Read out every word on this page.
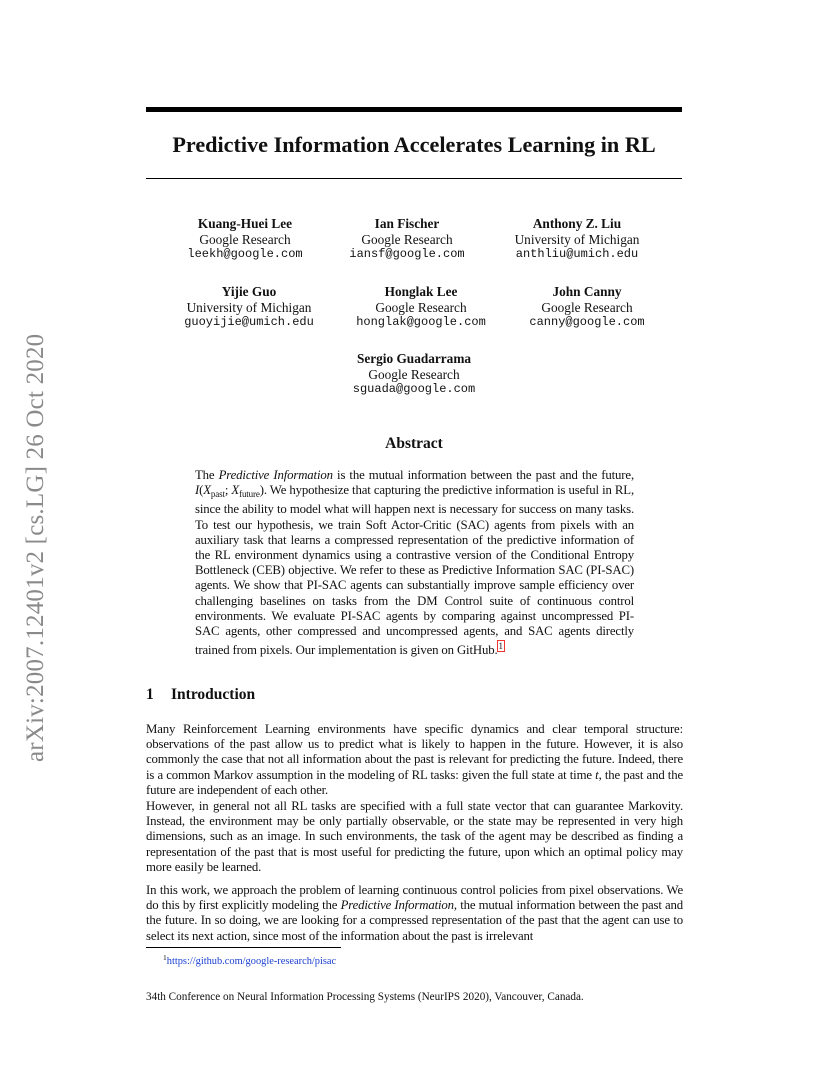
arXiv:2007.12401v2 [cs.LG] 26 Oct 2020
Predictive Information Accelerates Learning in RL
Kuang-Huei Lee
Google Research
leekh@google.com
Ian Fischer
Google Research
iansf@google.com
Anthony Z. Liu
University of Michigan
anthliu@umich.edu
Yijie Guo
University of Michigan
guoyijie@umich.edu
Honglak Lee
Google Research
honglak@google.com
John Canny
Google Research
canny@google.com
Sergio Guadarrama
Google Research
sguada@google.com
Abstract

The Predictive Information is the mutual information between the past and the future, $I(X_{past}$; $X_{future}$). We hypothesize that capturing the predictive information is useful in RL, since the ability to model what will happen next is necessary for success on many tasks. To test our hypothesis, we train Soft Actor-Critic (SAC) agents from pixels with an auxiliary task that learns a compressed representation of the predictive information of the RL environment dynamics using a contrastive version of the Conditional Entropy Bottleneck (CEB) objective. We refer to these as Predictive Information SAC (PI-SAC) agents. We show that PI-SAC agents can substantially improve sample efficiency over challenging baselines on tasks from the DM Control suite of continuous control environments. We evaluate PI-SAC agents by comparing against uncompressed PI-SAC agents, other compressed and uncompressed agents, and SAC agents directly trained from pixels. Our implementation is given on GitHub.$^1$

1 Introduction

Many Reinforcement Learning environments have specific dynamics and clear temporal structure: observations of the past allow us to predict what is likely to happen in the future. However, it is also commonly the case that not all information about the past is relevant for predicting the future. Indeed, there is a common Markov assumption in the modeling of RL tasks: given the full state at time t, the past and the future are independent of each other.

However, in general not all RL tasks are specified with a full state vector that can guarantee Markovity. Instead, the environment may be only partially observable, or the state may be represented in very high dimensions, such as an image. In such environments, the task of the agent may be described as finding a representation of the past that is most useful for predicting the future, upon which an optimal policy may more easily be learned.

In this work, we approach the problem of learning continuous control policies from pixel observations. We do this by first explicitly modeling the Predictive Information, the mutual information between the past and the future. In so doing, we are looking for a compressed representation of the past that the agent can use to select its next action, since most of the information about the past is irrelevant

$^1$https://github.com/google-research/pisac

34th Conference on Neural Information Processing Systems (NeurIPS 2020), Vancouver, Canada.
